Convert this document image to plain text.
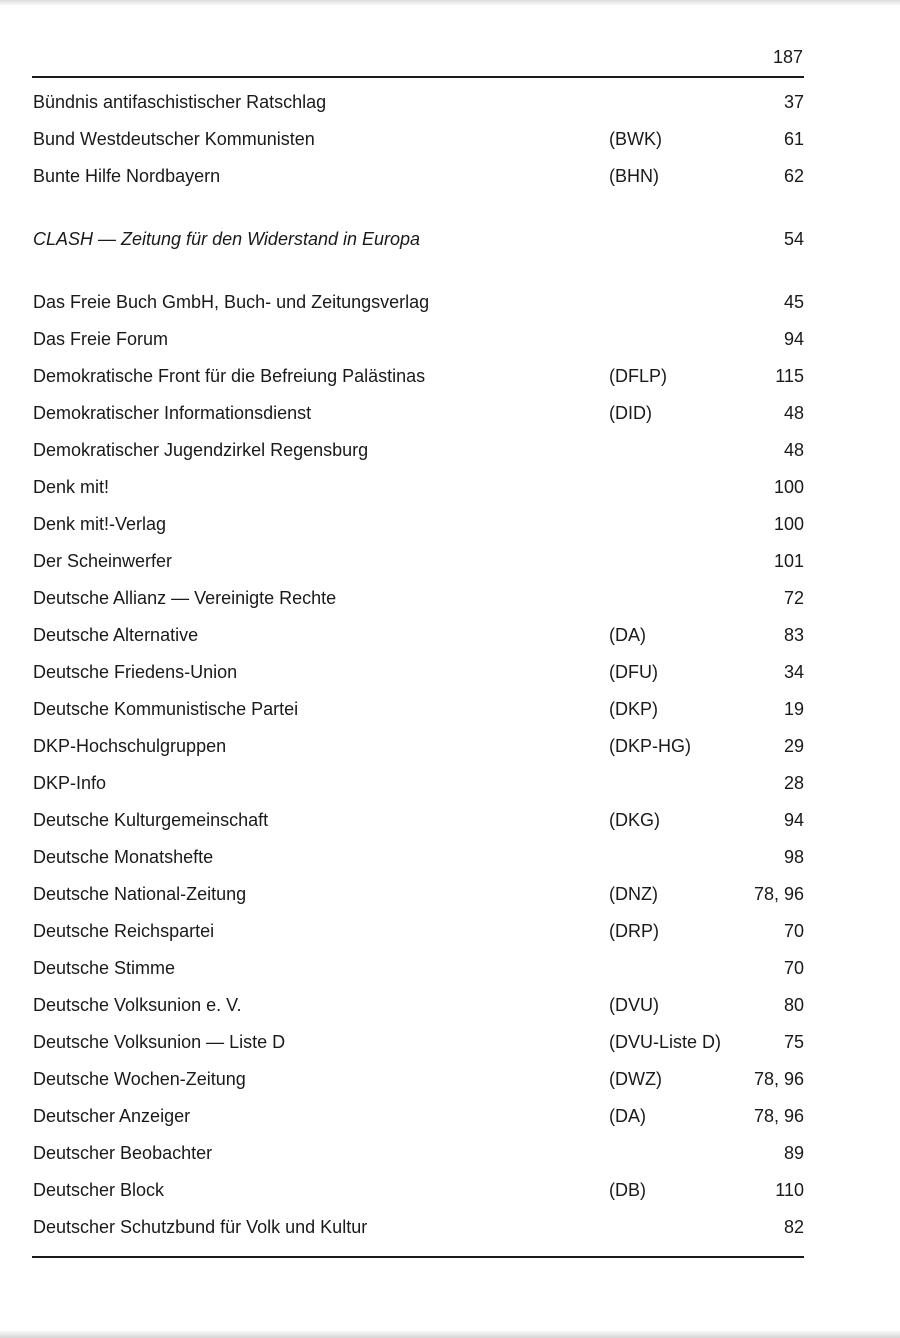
187
Bündnis antifaschistischer Ratschlag	37
Bund Westdeutscher Kommunisten	(BWK)	61
Bunte Hilfe Nordbayern	(BHN)	62
CLASH — Zeitung für den Widerstand in Europa	54
Das Freie Buch GmbH, Buch- und Zeitungsverlag	45
Das Freie Forum	94
Demokratische Front für die Befreiung Palästinas	(DFLP)	115
Demokratischer Informationsdienst	(DID)	48
Demokratischer Jugendzirkel Regensburg	48
Denk mit!	100
Denk mit!-Verlag	100
Der Scheinwerfer	101
Deutsche Allianz — Vereinigte Rechte	72
Deutsche Alternative	(DA)	83
Deutsche Friedens-Union	(DFU)	34
Deutsche Kommunistische Partei	(DKP)	19
DKP-Hochschulgruppen	(DKP-HG)	29
DKP-Info	28
Deutsche Kulturgemeinschaft	(DKG)	94
Deutsche Monatshefte	98
Deutsche National-Zeitung	(DNZ)	78, 96
Deutsche Reichspartei	(DRP)	70
Deutsche Stimme	70
Deutsche Volksunion e. V.	(DVU)	80
Deutsche Volksunion — Liste D	(DVU-Liste D)	75
Deutsche Wochen-Zeitung	(DWZ)	78, 96
Deutscher Anzeiger	(DA)	78, 96
Deutscher Beobachter	89
Deutscher Block	(DB)	110
Deutscher Schutzbund für Volk und Kultur	82
